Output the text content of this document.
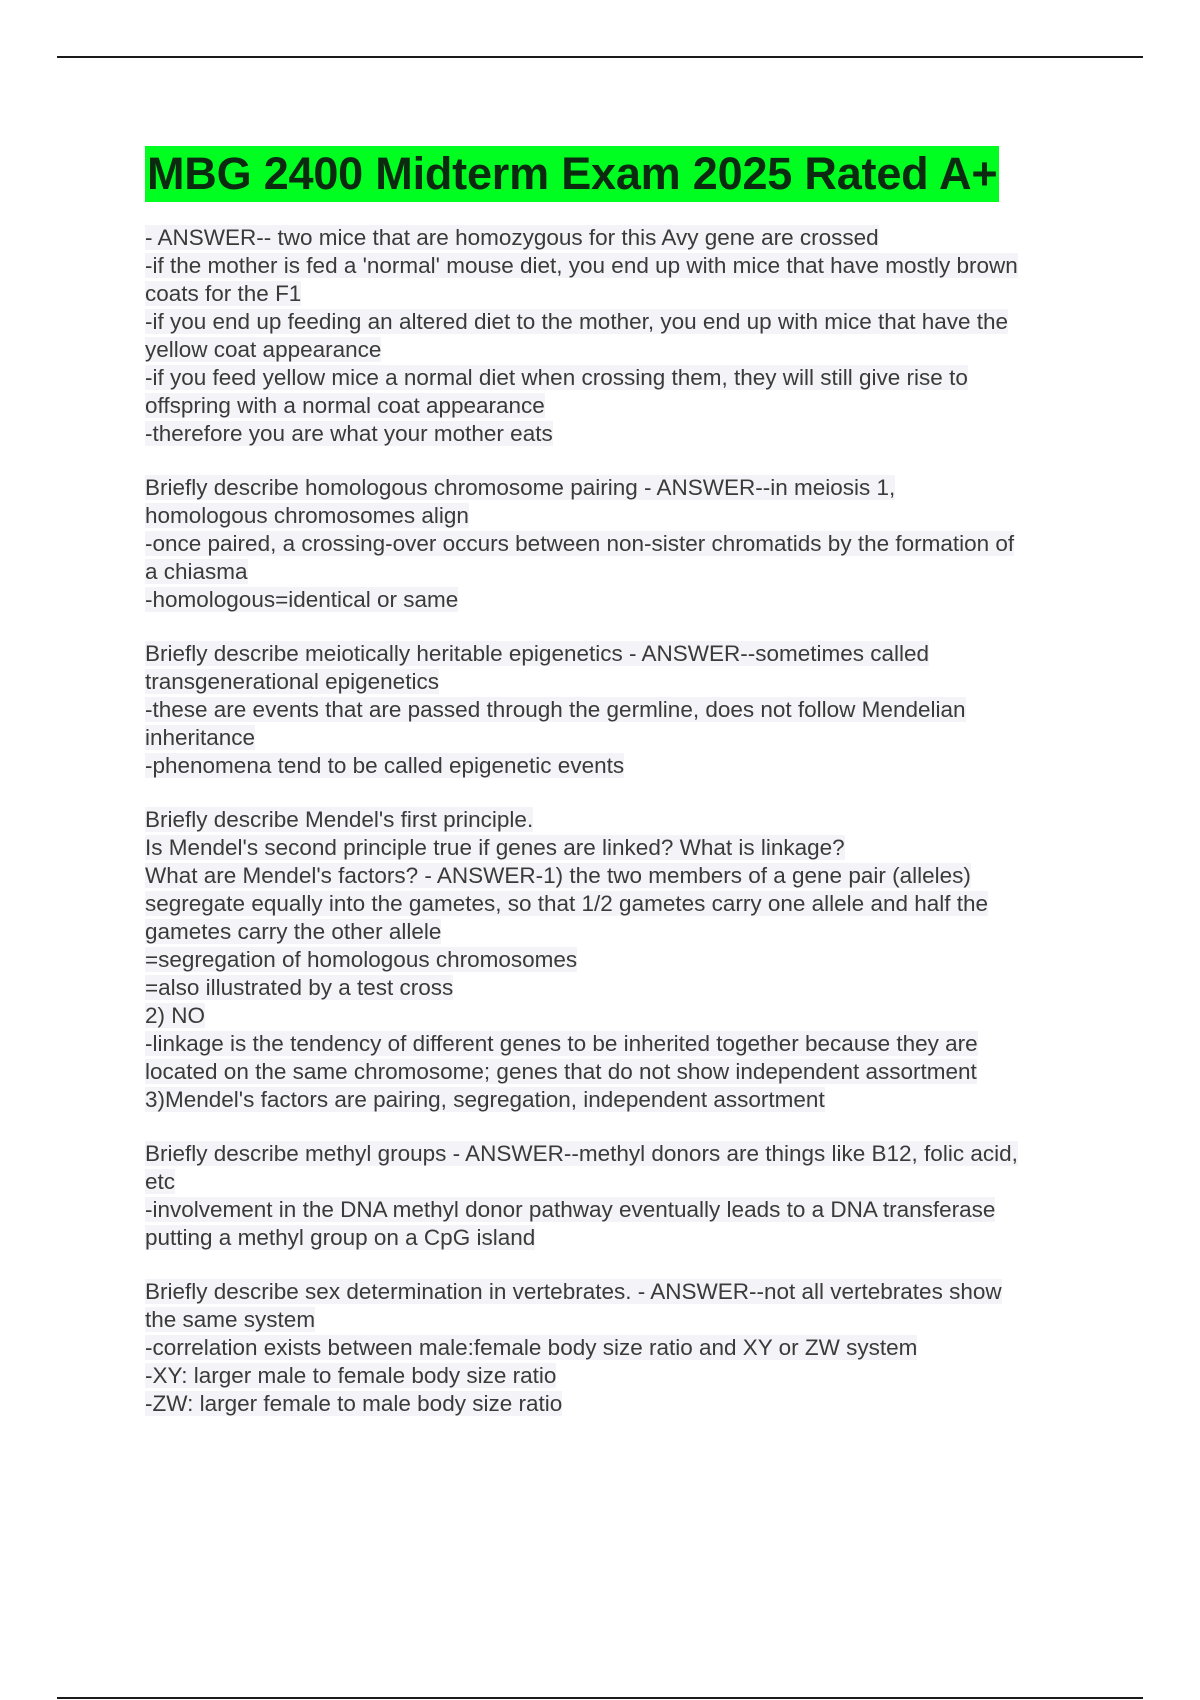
MBG 2400 Midterm Exam 2025 Rated A+
- ANSWER-- two mice that are homozygous for this Avy gene are crossed
-if the mother is fed a 'normal' mouse diet, you end up with mice that have mostly brown
coats for the F1
-if you end up feeding an altered diet to the mother, you end up with mice that have the
yellow coat appearance
-if you feed yellow mice a normal diet when crossing them, they will still give rise to
offspring with a normal coat appearance
-therefore you are what your mother eats
Briefly describe homologous chromosome pairing - ANSWER--in meiosis 1,
homologous chromosomes align
-once paired, a crossing-over occurs between non-sister chromatids by the formation of
a chiasma
-homologous=identical or same
Briefly describe meiotically heritable epigenetics - ANSWER--sometimes called
transgenerational epigenetics
-these are events that are passed through the germline, does not follow Mendelian
inheritance
-phenomena tend to be called epigenetic events
Briefly describe Mendel's first principle.
Is Mendel's second principle true if genes are linked? What is linkage?
What are Mendel's factors? - ANSWER-1) the two members of a gene pair (alleles)
segregate equally into the gametes, so that 1/2 gametes carry one allele and half the
gametes carry the other allele
=segregation of homologous chromosomes
=also illustrated by a test cross
2) NO
-linkage is the tendency of different genes to be inherited together because they are
located on the same chromosome; genes that do not show independent assortment
3)Mendel's factors are pairing, segregation, independent assortment
Briefly describe methyl groups - ANSWER--methyl donors are things like B12, folic acid,
etc
-involvement in the DNA methyl donor pathway eventually leads to a DNA transferase
putting a methyl group on a CpG island
Briefly describe sex determination in vertebrates. - ANSWER--not all vertebrates show
the same system
-correlation exists between male:female body size ratio and XY or ZW system
-XY: larger male to female body size ratio
-ZW: larger female to male body size ratio
